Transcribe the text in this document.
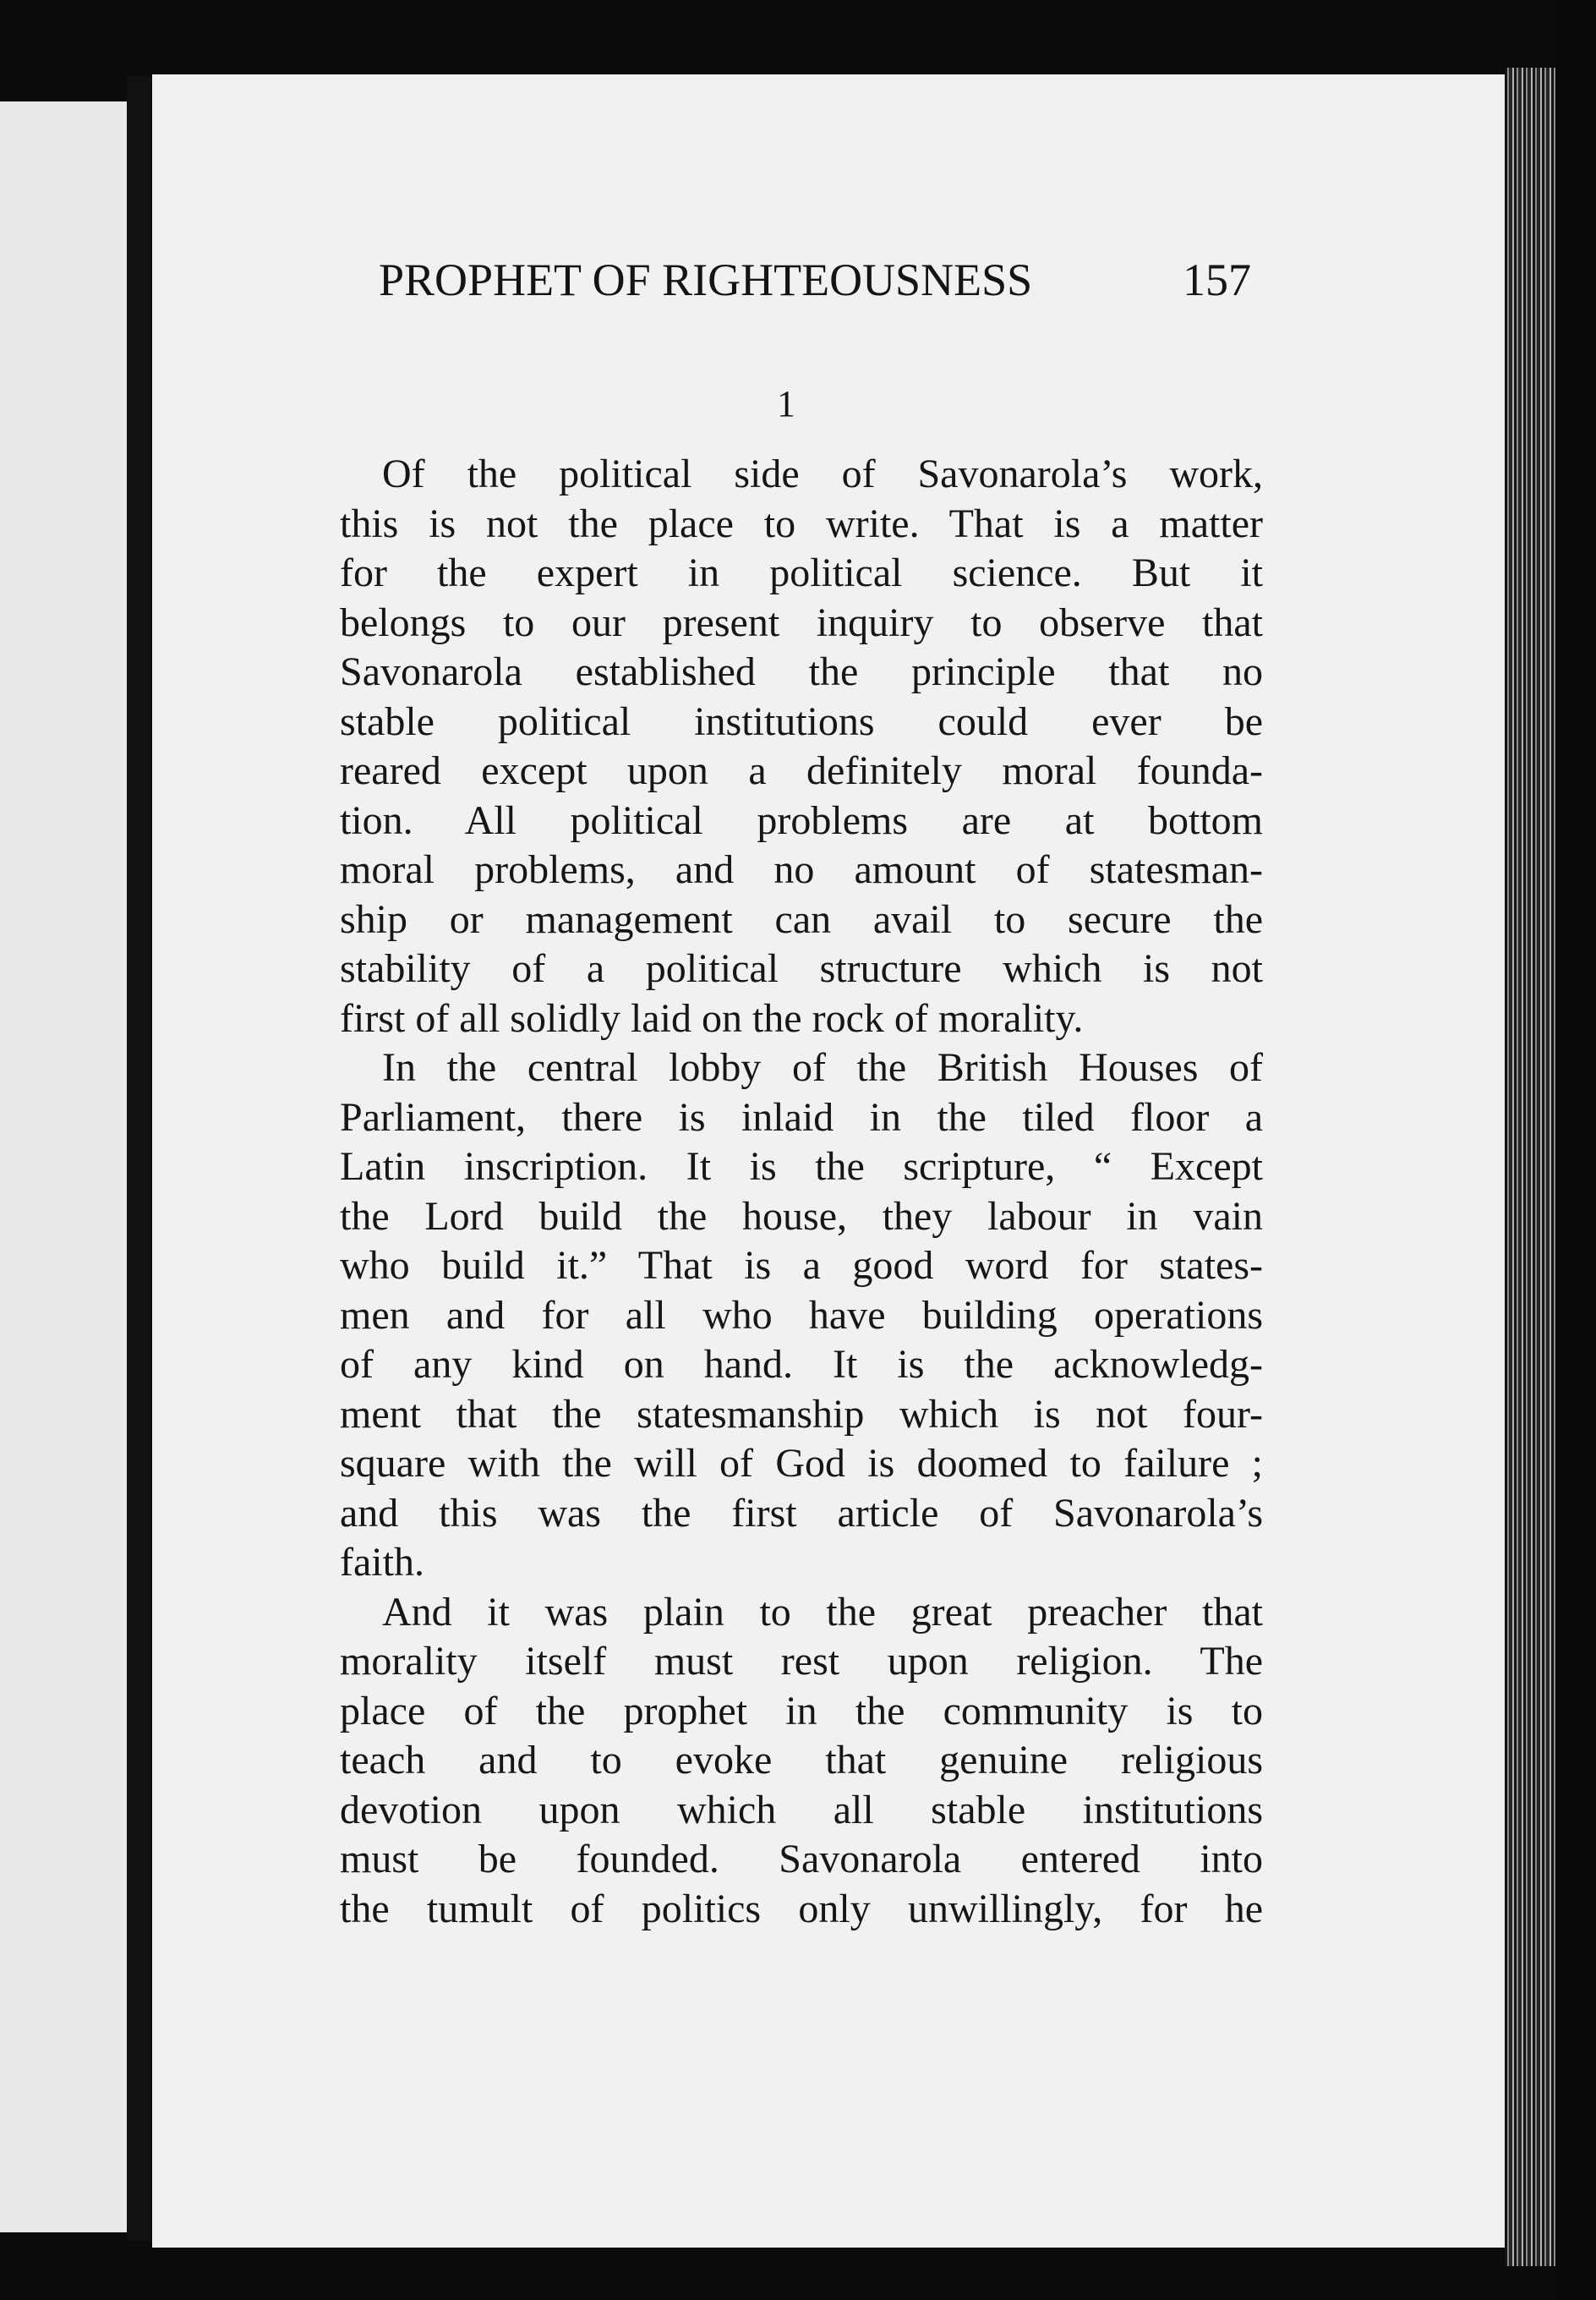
PROPHET OF RIGHTEOUSNESS	157
1
Of the political side of Savonarola’s work,
this is not the place to write. That is a matter
for the expert in political science. But it
belongs to our present inquiry to observe that
Savonarola established the principle that no
stable political institutions could ever be
reared except upon a definitely moral founda-
tion. All political problems are at bottom
moral problems, and no amount of statesman-
ship or management can avail to secure the
stability of a political structure which is not
first of all solidly laid on the rock of morality.
In the central lobby of the British Houses of
Parliament, there is inlaid in the tiled floor a
Latin inscription. It is the scripture, “ Except
the Lord build the house, they labour in vain
who build it.” That is a good word for states-
men and for all who have building operations
of any kind on hand. It is the acknowledg-
ment that the statesmanship which is not four-
square with the will of God is doomed to failure ;
and this was the first article of Savonarola’s
faith.
And it was plain to the great preacher that
morality itself must rest upon religion. The
place of the prophet in the community is to
teach and to evoke that genuine religious
devotion upon which all stable institutions
must be founded. Savonarola entered into
the tumult of politics only unwillingly, for he
